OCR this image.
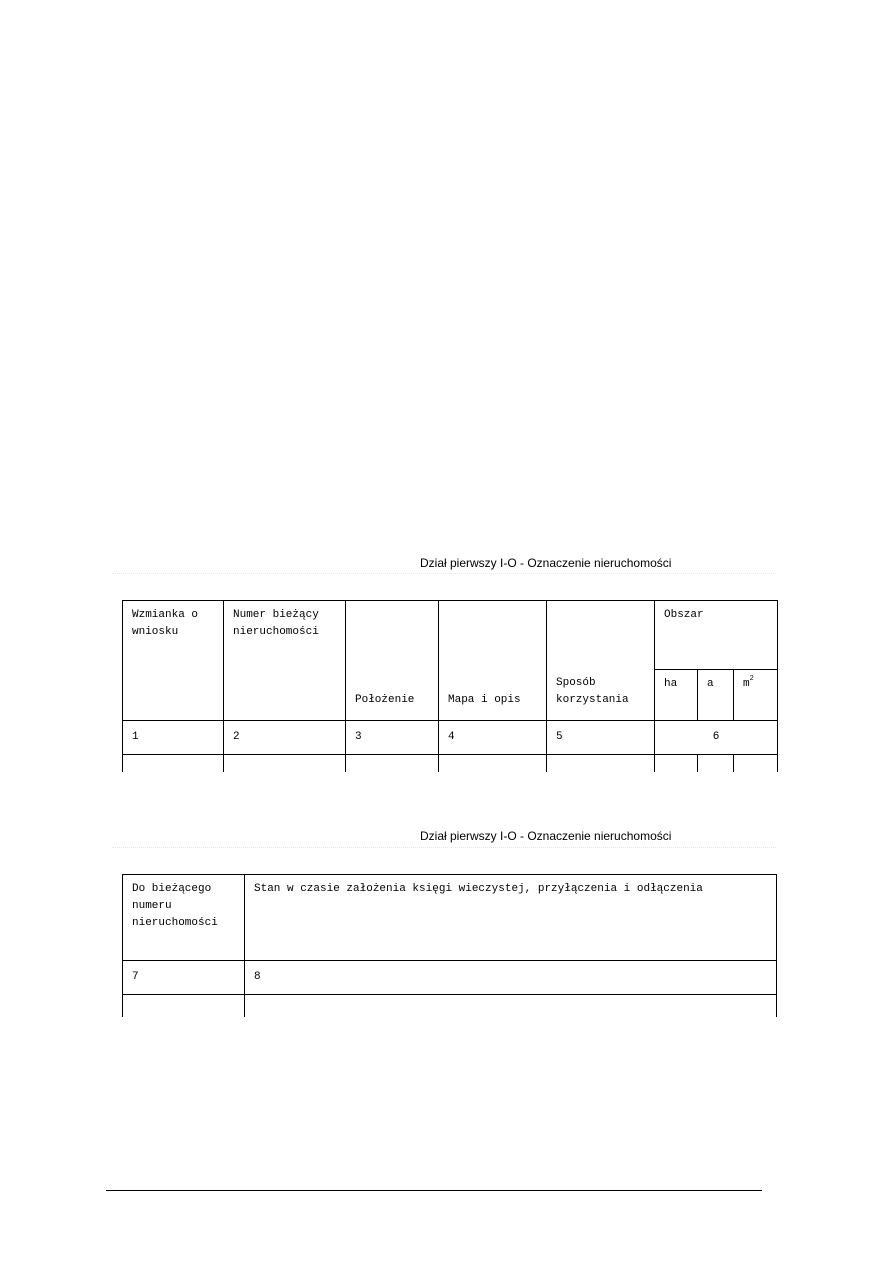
Dział pierwszy I-O - Oznaczenie nieruchomości
Wzmianka o wniosku	Numer bieżący nieruchomości	Położenie	Mapa i opis	Sposób korzystania	Obszar		
					ha	a	$m^2$
1	2	3	4	5	6		

Dział pierwszy I-O - Oznaczenie nieruchomości
Do bieżącego numeru nieruchomości	Stan w czasie założenia księgi wieczystej, przyłączenia i odłączenia
7	8
